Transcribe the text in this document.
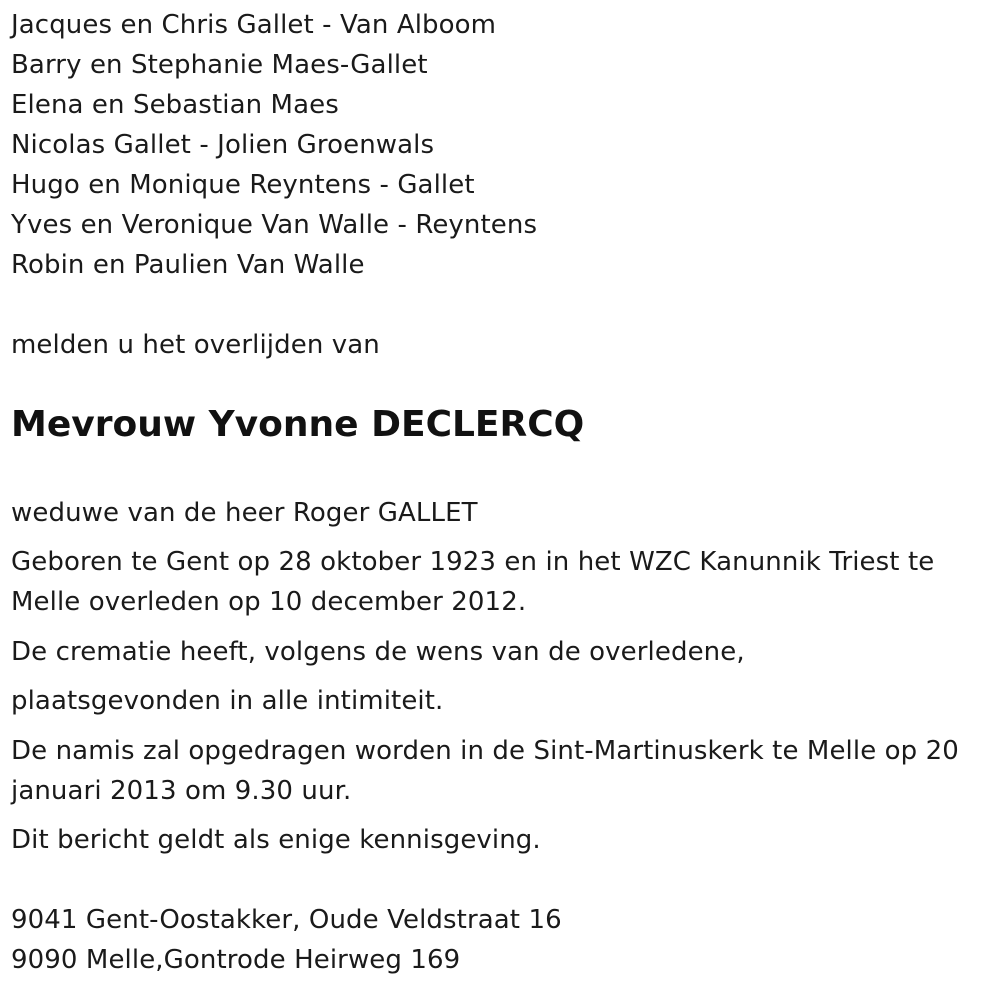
Jacques en Chris Gallet - Van Alboom
Barry en Stephanie Maes-Gallet
Elena en Sebastian Maes
Nicolas Gallet - Jolien Groenwals
Hugo en Monique Reyntens - Gallet
Yves en Veronique Van Walle - Reyntens
Robin en Paulien Van Walle
melden u het overlijden van
Mevrouw Yvonne DECLERCQ
weduwe van de heer Roger GALLET
Geboren te Gent op 28 oktober 1923 en in het WZC Kanunnik Triest te
Melle overleden op 10 december 2012.
De crematie heeft, volgens de wens van de overledene,
plaatsgevonden in alle intimiteit.
De namis zal opgedragen worden in de Sint-Martinuskerk te Melle op 20
januari 2013 om 9.30 uur.
Dit bericht geldt als enige kennisgeving.
9041 Gent-Oostakker, Oude Veldstraat 16
9090 Melle,Gontrode Heirweg 169
